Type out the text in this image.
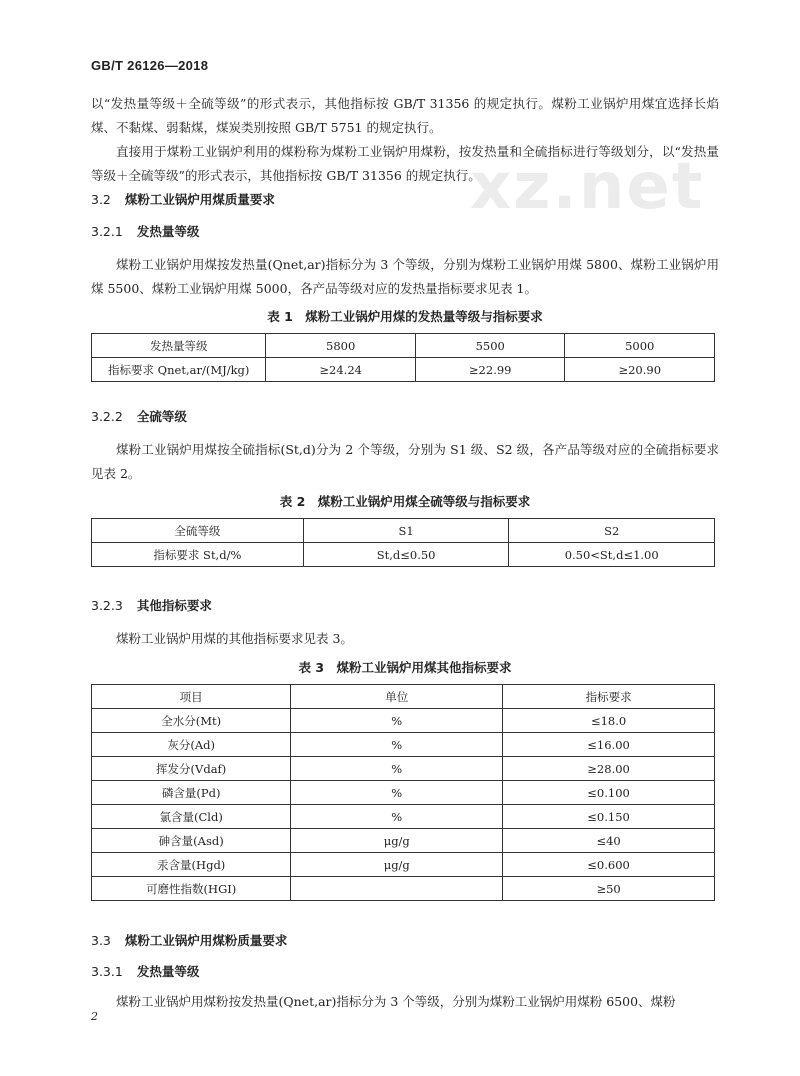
xz.net
GB/T 26126—2018
以“发热量等级＋全硫等级”的形式表示，其他指标按 GB/T 31356 的规定执行。煤粉工业锅炉用煤宜选择长焰煤、不黏煤、弱黏煤，煤炭类别按照 GB/T 5751 的规定执行。
直接用于煤粉工业锅炉利用的煤粉称为煤粉工业锅炉用煤粉，按发热量和全硫指标进行等级划分，以“发热量等级＋全硫等级”的形式表示，其他指标按 GB/T 31356 的规定执行。
3.2 煤粉工业锅炉用煤质量要求
3.2.1 发热量等级
煤粉工业锅炉用煤按发热量(Qnet,ar)指标分为 3 个等级，分别为煤粉工业锅炉用煤 5800、煤粉工业锅炉用煤 5500、煤粉工业锅炉用煤 5000，各产品等级对应的发热量指标要求见表 1。
表 1　煤粉工业锅炉用煤的发热量等级与指标要求
发热量等级	5800	5500	5000
指标要求 Qnet,ar/(MJ/kg)	≥24.24	≥22.99	≥20.90
3.2.2 全硫等级
煤粉工业锅炉用煤按全硫指标(St,d)分为 2 个等级，分别为 S1 级、S2 级，各产品等级对应的全硫指标要求见表 2。
表 2　煤粉工业锅炉用煤全硫等级与指标要求
全硫等级	S1	S2
指标要求 St,d/%	St,d≤0.50	0.50<St,d≤1.00
3.2.3 其他指标要求
煤粉工业锅炉用煤的其他指标要求见表 3。
表 3　煤粉工业锅炉用煤其他指标要求
项目	单位	指标要求
全水分(Mt)	%	≤18.0
灰分(Ad)	%	≤16.00
挥发分(Vdaf)	%	≥28.00
磷含量(Pd)	%	≤0.100
氯含量(Cld)	%	≤0.150
砷含量(Asd)	μg/g	≤40
汞含量(Hgd)	μg/g	≤0.600
可磨性指数(HGI)		≥50
3.3 煤粉工业锅炉用煤粉质量要求
3.3.1 发热量等级
煤粉工业锅炉用煤粉按发热量(Qnet,ar)指标分为 3 个等级，分别为煤粉工业锅炉用煤粉 6500、煤粉
2
